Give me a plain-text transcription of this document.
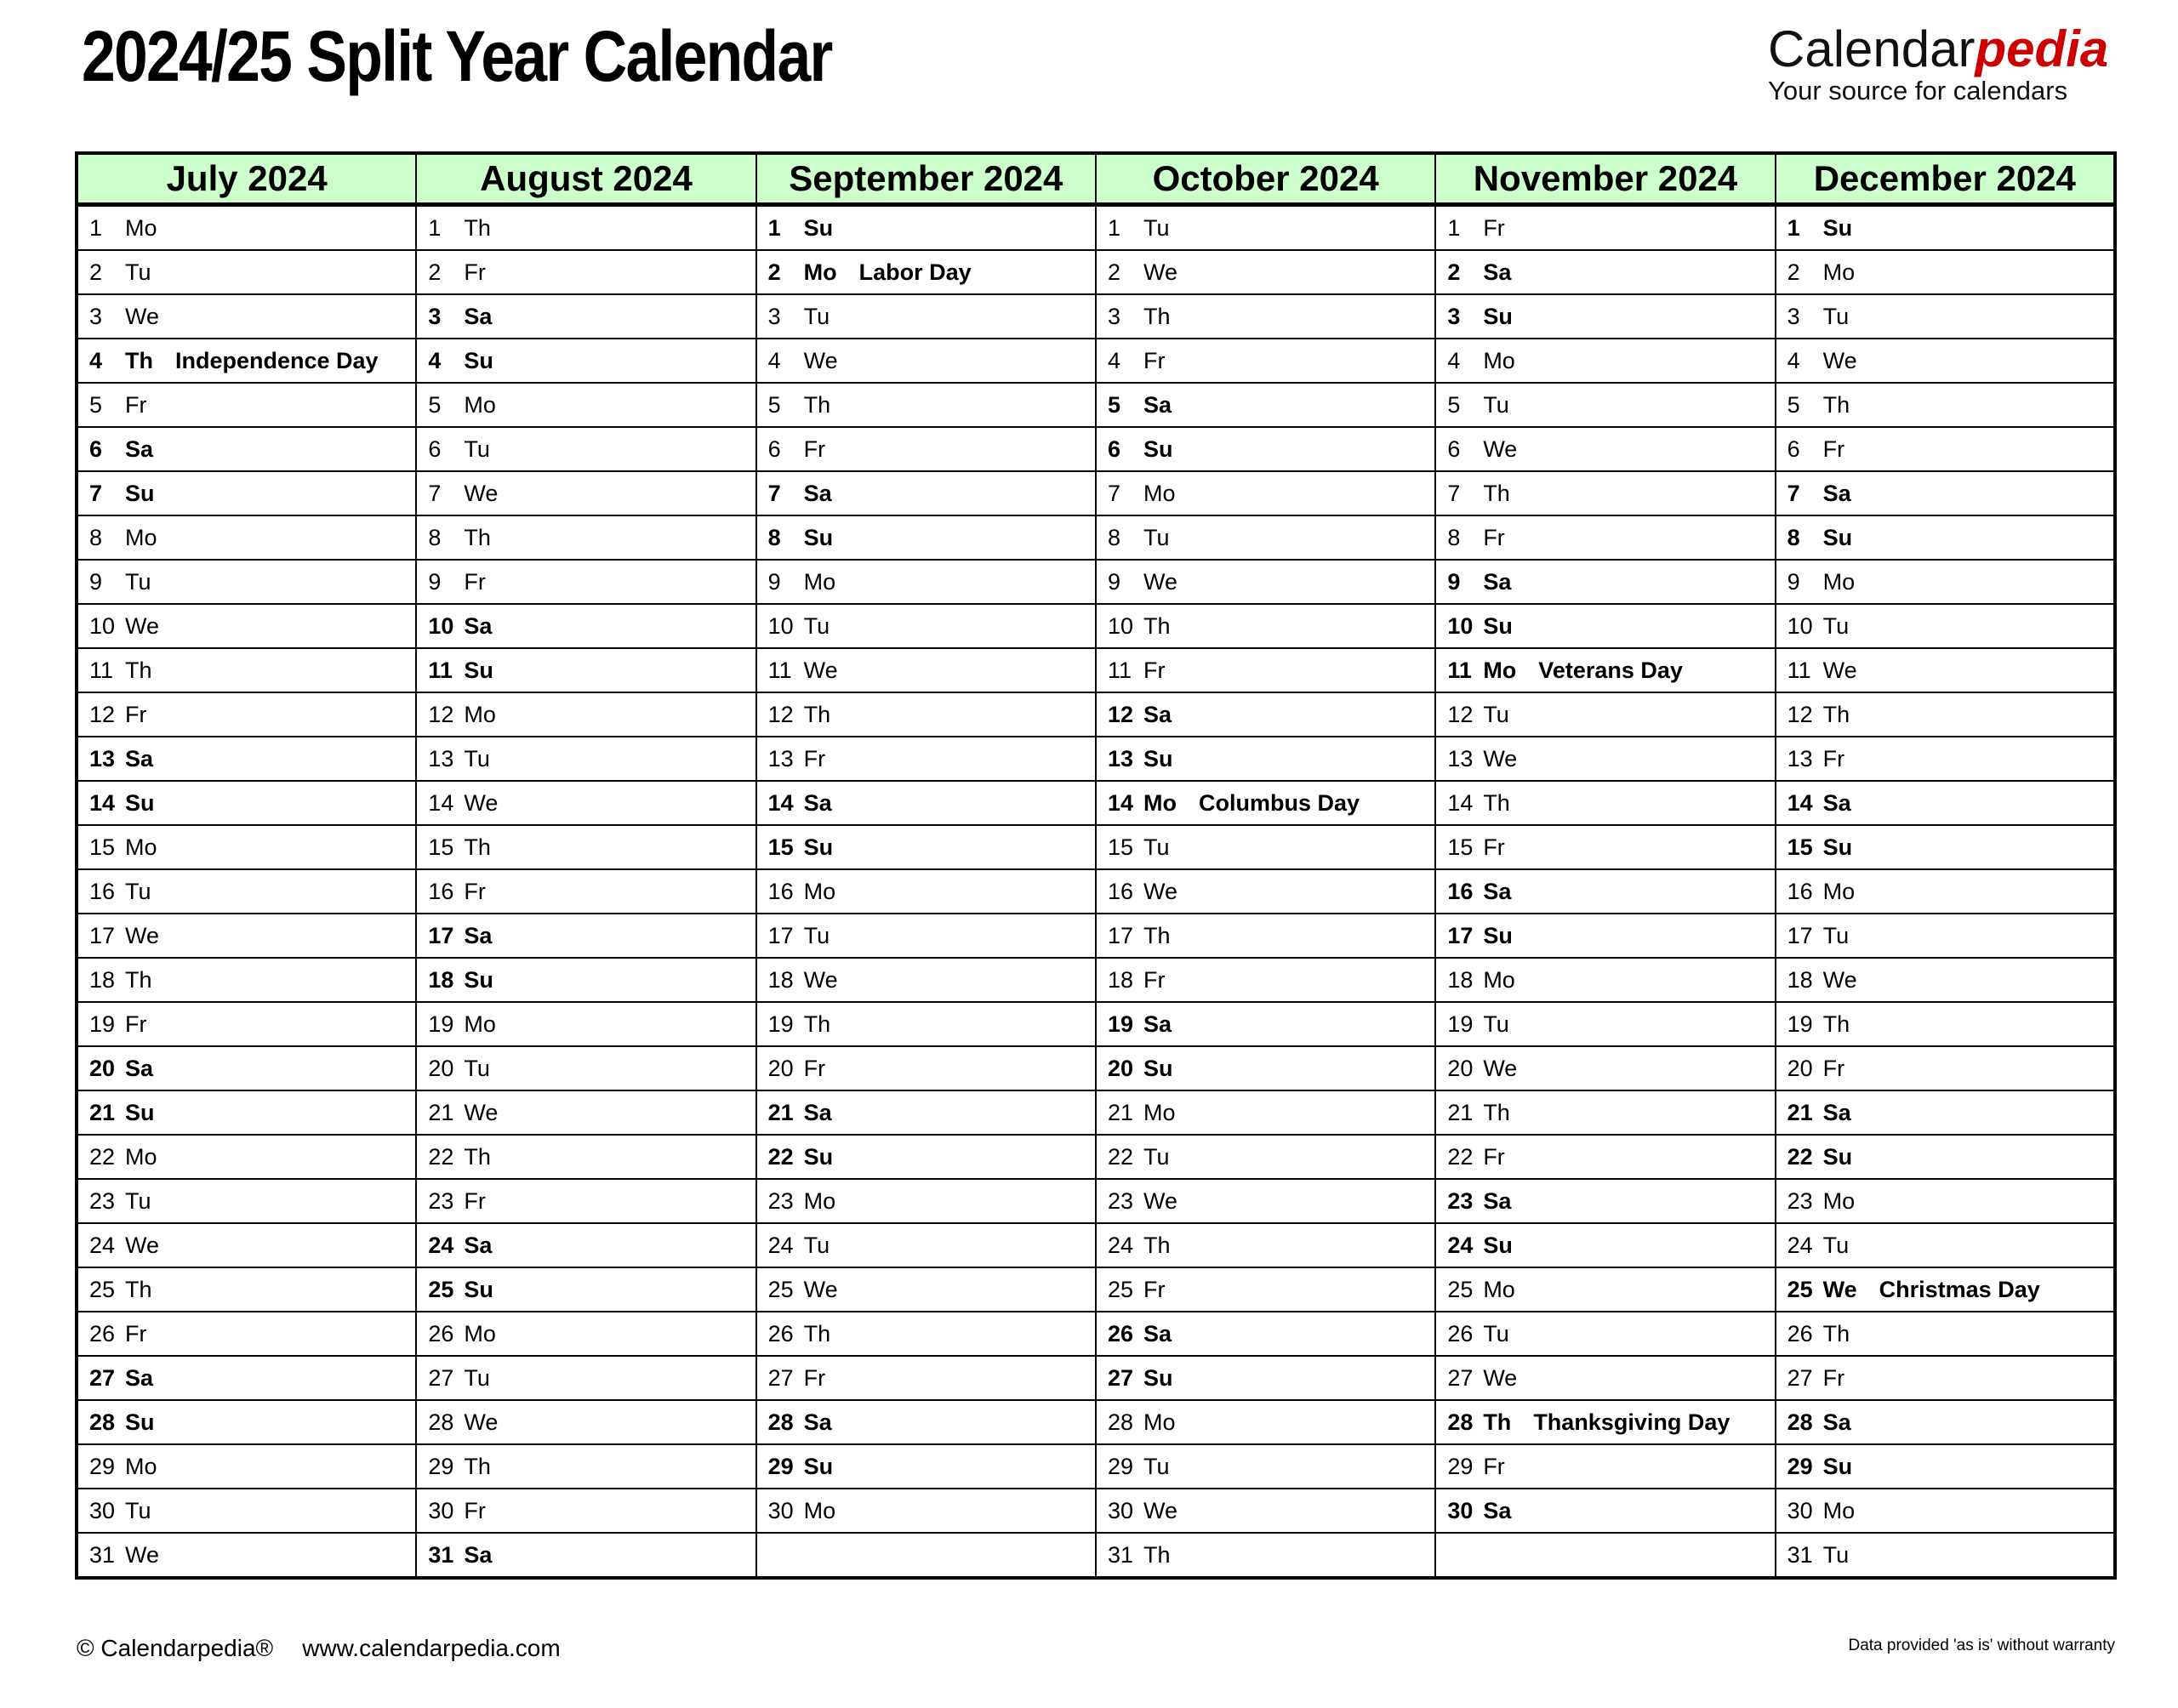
2024/25 Split Year Calendar	Calendarpedia
Your source for calendars
July 2024	August 2024	September 2024	October 2024	November 2024	December 2024
1 Mo	1 Th	1 Su	1 Tu	1 Fr	1 Su
2 Tu	2 Fr	2 Mo Labor Day	2 We	2 Sa	2 Mo
3 We	3 Sa	3 Tu	3 Th	3 Su	3 Tu
4 Th Independence Day	4 Su	4 We	4 Fr	4 Mo	4 We
5 Fr	5 Mo	5 Th	5 Sa	5 Tu	5 Th
6 Sa	6 Tu	6 Fr	6 Su	6 We	6 Fr
7 Su	7 We	7 Sa	7 Mo	7 Th	7 Sa
8 Mo	8 Th	8 Su	8 Tu	8 Fr	8 Su
9 Tu	9 Fr	9 Mo	9 We	9 Sa	9 Mo
10 We	10 Sa	10 Tu	10 Th	10 Su	10 Tu
11 Th	11 Su	11 We	11 Fr	11 Mo Veterans Day	11 We
12 Fr	12 Mo	12 Th	12 Sa	12 Tu	12 Th
13 Sa	13 Tu	13 Fr	13 Su	13 We	13 Fr
14 Su	14 We	14 Sa	14 Mo Columbus Day	14 Th	14 Sa
15 Mo	15 Th	15 Su	15 Tu	15 Fr	15 Su
16 Tu	16 Fr	16 Mo	16 We	16 Sa	16 Mo
17 We	17 Sa	17 Tu	17 Th	17 Su	17 Tu
18 Th	18 Su	18 We	18 Fr	18 Mo	18 We
19 Fr	19 Mo	19 Th	19 Sa	19 Tu	19 Th
20 Sa	20 Tu	20 Fr	20 Su	20 We	20 Fr
21 Su	21 We	21 Sa	21 Mo	21 Th	21 Sa
22 Mo	22 Th	22 Su	22 Tu	22 Fr	22 Su
23 Tu	23 Fr	23 Mo	23 We	23 Sa	23 Mo
24 We	24 Sa	24 Tu	24 Th	24 Su	24 Tu
25 Th	25 Su	25 We	25 Fr	25 Mo	25 We Christmas Day
26 Fr	26 Mo	26 Th	26 Sa	26 Tu	26 Th
27 Sa	27 Tu	27 Fr	27 Su	27 We	27 Fr
28 Su	28 We	28 Sa	28 Mo	28 Th Thanksgiving Day	28 Sa
29 Mo	29 Th	29 Su	29 Tu	29 Fr	29 Su
30 Tu	30 Fr	30 Mo	30 We	30 Sa	30 Mo
31 We	31 Sa		31 Th		31 Tu
© Calendarpedia® www.calendarpedia.com	Data provided 'as is' without warranty
